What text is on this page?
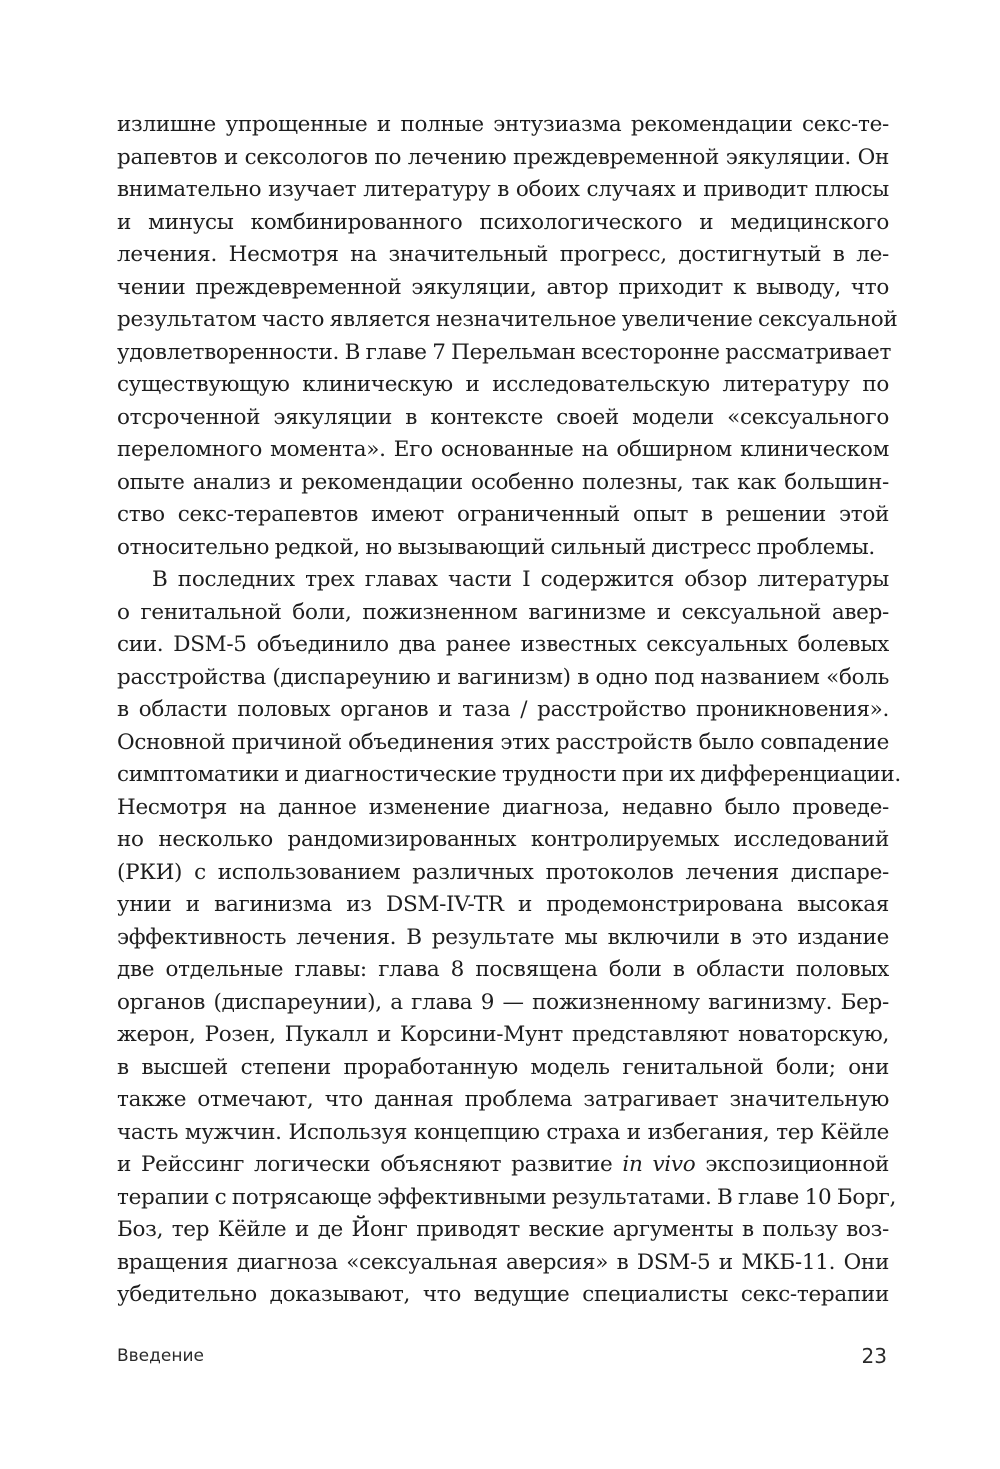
излишне упрощенные и полные энтузиазма рекомендации секс-те-
рапевтов и сексологов по лечению преждевременной эякуляции. Он
внимательно изучает литературу в обоих случаях и приводит плюсы
и минусы комбинированного психологического и медицинского
лечения. Несмотря на значительный прогресс, достигнутый в ле-
чении преждевременной эякуляции, автор приходит к выводу, что
результатом часто является незначительное увеличение сексуальной
удовлетворенности. В главе 7 Перельман всесторонне рассматривает
существующую клиническую и исследовательскую литературу по
отсроченной эякуляции в контексте своей модели «сексуального
переломного момента». Его основанные на обширном клиническом
опыте анализ и рекомендации особенно полезны, так как большин-
ство секс-терапевтов имеют ограниченный опыт в решении этой
относительно редкой, но вызывающий сильный дистресс проблемы.
В последних трех главах части I содержится обзор литературы
о генитальной боли, пожизненном вагинизме и сексуальной авер-
сии. DSM-5 объединило два ранее известных сексуальных болевых
расстройства (диспареунию и вагинизм) в одно под названием «боль
в области половых органов и таза / расстройство проникновения».
Основной причиной объединения этих расстройств было совпадение
симптоматики и диагностические трудности при их дифференциации.
Несмотря на данное изменение диагноза, недавно было проведе-
но несколько рандомизированных контролируемых исследований
(РКИ) с использованием различных протоколов лечения диспаре-
унии и вагинизма из DSM-IV-TR и продемонстрирована высокая
эффективность лечения. В результате мы включили в это издание
две отдельные главы: глава 8 посвящена боли в области половых
органов (диспареунии), а глава 9 — пожизненному вагинизму. Бер-
жерон, Розен, Пукалл и Корсини-Мунт представляют новаторскую,
в высшей степени проработанную модель генитальной боли; они
также отмечают, что данная проблема затрагивает значительную
часть мужчин. Используя концепцию страха и избегания, тер Кёйле
и Рейссинг логически объясняют развитие in vivo экспозиционной
терапии с потрясающе эффективными результатами. В главе 10 Борг,
Боз, тер Кёйле и де Йонг приводят веские аргументы в пользу воз-
вращения диагноза «сексуальная аверсия» в DSM-5 и МКБ-11. Они
убедительно доказывают, что ведущие специалисты секс-терапии
Введение	23
